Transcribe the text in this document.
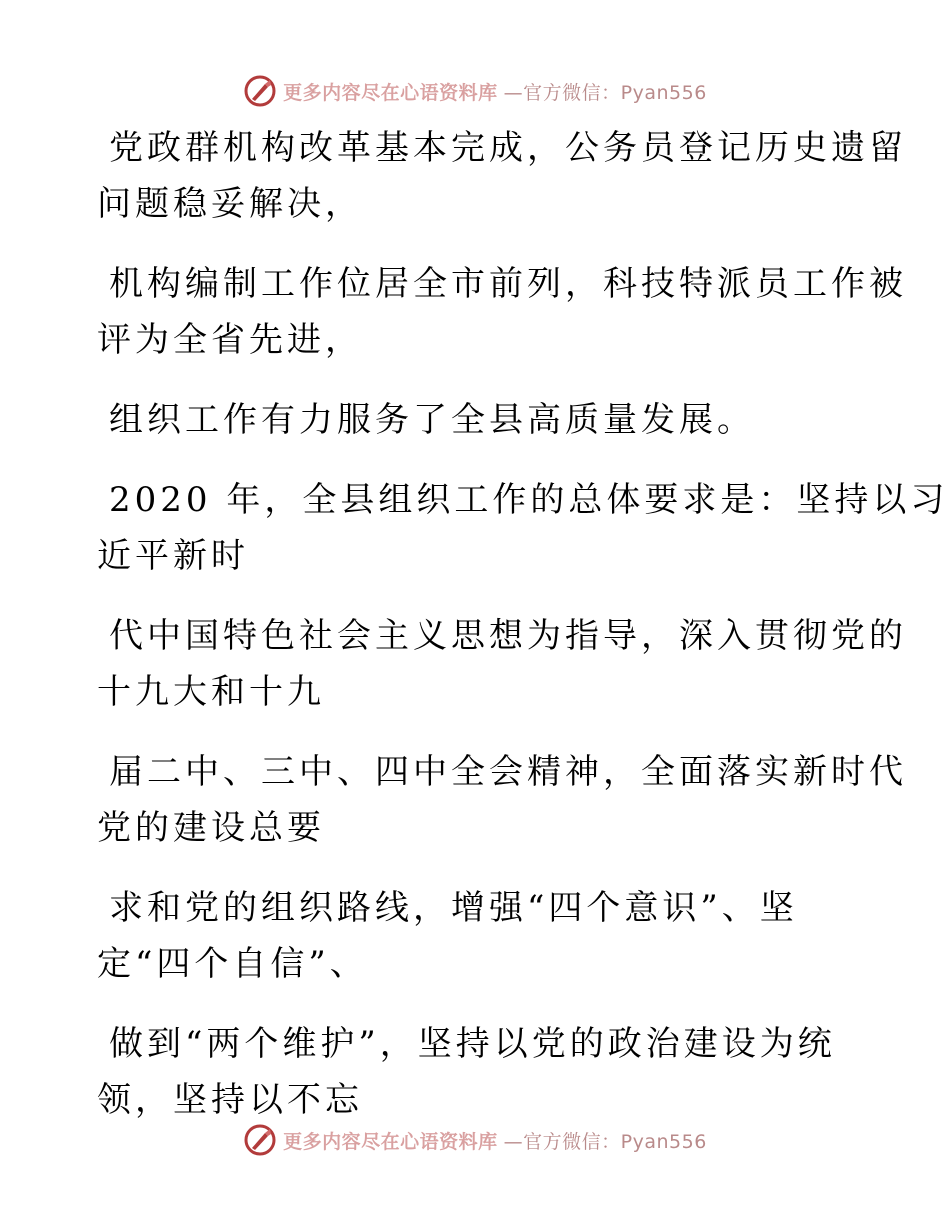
更多内容尽在心语资料库 —官方微信：Pyan556
党政群机构改革基本完成，公务员登记历史遗留
问题稳妥解决，
机构编制工作位居全市前列，科技特派员工作被
评为全省先进，
组织工作有力服务了全县高质量发展。
2020 年，全县组织工作的总体要求是：坚持以习
近平新时
代中国特色社会主义思想为指导，深入贯彻党的
十九大和十九
届二中、三中、四中全会精神，全面落实新时代
党的建设总要
求和党的组织路线，增强“四个意识”、坚
定“四个自信”、
做到“两个维护”，坚持以党的政治建设为统
领，坚持以不忘
更多内容尽在心语资料库 —官方微信：Pyan556
